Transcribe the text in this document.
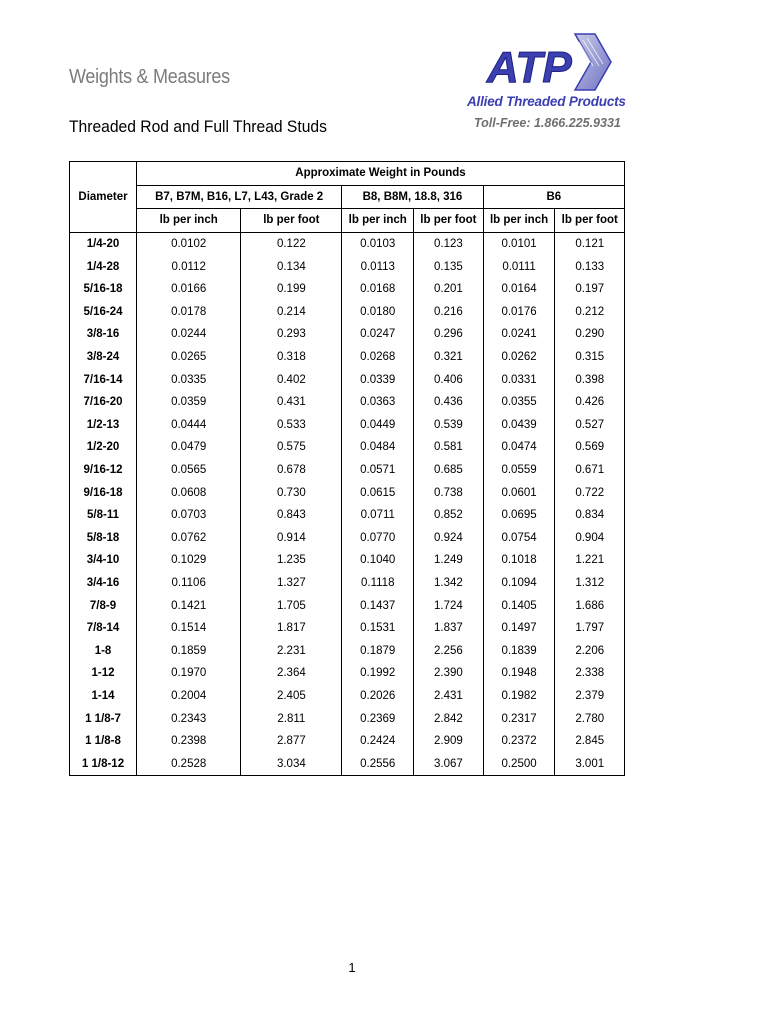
Weights & Measures
Threaded Rod and Full Thread Studs
ATP
Allied Threaded Products
Toll-Free: 1.866.225.9331
Diameter	Approximate Weight in Pounds					
	B7, B7M, B16, L7, L43, Grade 2		B8, B8M, 18.8, 316		B6	
	lb per inch	lb per foot	lb per inch	lb per foot	lb per inch	lb per foot
1/4-20	0.0102	0.122	0.0103	0.123	0.0101	0.121
1/4-28	0.0112	0.134	0.0113	0.135	0.0111	0.133
5/16-18	0.0166	0.199	0.0168	0.201	0.0164	0.197
5/16-24	0.0178	0.214	0.0180	0.216	0.0176	0.212
3/8-16	0.0244	0.293	0.0247	0.296	0.0241	0.290
3/8-24	0.0265	0.318	0.0268	0.321	0.0262	0.315
7/16-14	0.0335	0.402	0.0339	0.406	0.0331	0.398
7/16-20	0.0359	0.431	0.0363	0.436	0.0355	0.426
1/2-13	0.0444	0.533	0.0449	0.539	0.0439	0.527
1/2-20	0.0479	0.575	0.0484	0.581	0.0474	0.569
9/16-12	0.0565	0.678	0.0571	0.685	0.0559	0.671
9/16-18	0.0608	0.730	0.0615	0.738	0.0601	0.722
5/8-11	0.0703	0.843	0.0711	0.852	0.0695	0.834
5/8-18	0.0762	0.914	0.0770	0.924	0.0754	0.904
3/4-10	0.1029	1.235	0.1040	1.249	0.1018	1.221
3/4-16	0.1106	1.327	0.1118	1.342	0.1094	1.312
7/8-9	0.1421	1.705	0.1437	1.724	0.1405	1.686
7/8-14	0.1514	1.817	0.1531	1.837	0.1497	1.797
1-8	0.1859	2.231	0.1879	2.256	0.1839	2.206
1-12	0.1970	2.364	0.1992	2.390	0.1948	2.338
1-14	0.2004	2.405	0.2026	2.431	0.1982	2.379
1 1/8-7	0.2343	2.811	0.2369	2.842	0.2317	2.780
1 1/8-8	0.2398	2.877	0.2424	2.909	0.2372	2.845
1 1/8-12	0.2528	3.034	0.2556	3.067	0.2500	3.001
1
